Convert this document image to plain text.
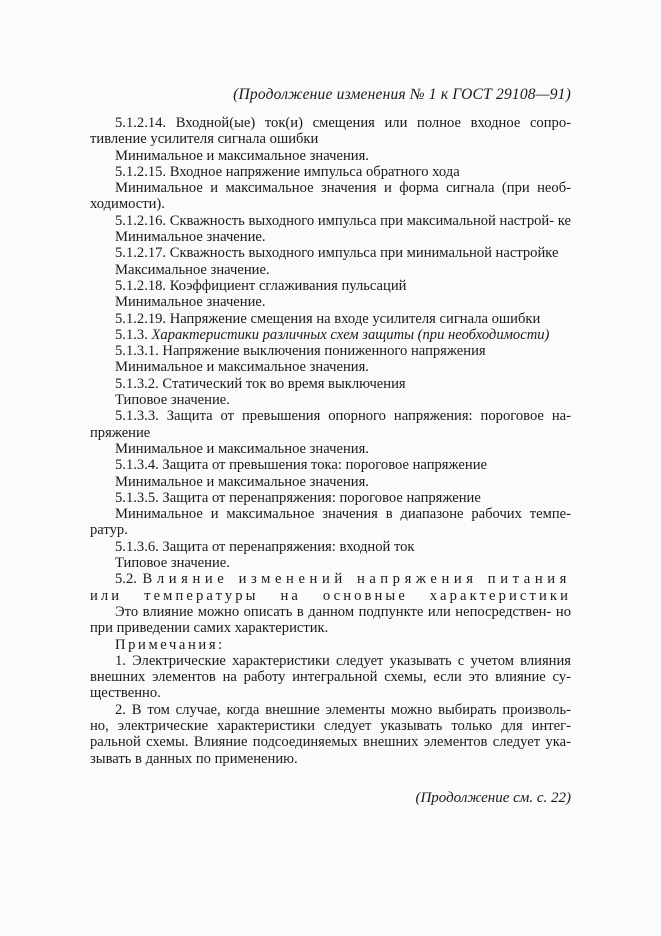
(Продолжение изменения № 1 к ГОСТ 29108—91)

5.1.2.14. Входной(ые) ток(и) смещения или полное входное сопро- тивление усилителя сигнала ошибки

Минимальное и максимальное значения.

5.1.2.15. Входное напряжение импульса обратного хода

Минимальное и максимальное значения и форма сигнала (при необ- ходимости).

5.1.2.16. Скважность выходного импульса при максимальной настрой- ке

Минимальное значение.

5.1.2.17. Скважность выходного импульса при минимальной настройке

Максимальное значение.

5.1.2.18. Коэффициент сглаживания пульсаций

Минимальное значение.

5.1.2.19. Напряжение смещения на входе усилителя сигнала ошибки

5.1.3. Характеристики различных схем защиты (при необходимости)

5.1.3.1. Напряжение выключения пониженного напряжения

Минимальное и максимальное значения.

5.1.3.2. Статический ток во время выключения

Типовое значение.

5.1.3.3. Защита от превышения опорного напряжения: пороговое на- пряжение

Минимальное и максимальное значения.

5.1.3.4. Защита от превышения тока: пороговое напряжение

Минимальное и максимальное значения.

5.1.3.5. Защита от перенапряжения: пороговое напряжение

Минимальное и максимальное значения в диапазоне рабочих темпе- ратур.

5.1.3.6. Защита от перенапряжения: входной ток

Типовое значение.

5.2. Влияние изменений напряжения питания

или температуры на основные характеристики

Это влияние можно описать в данном подпункте или непосредствен- но при приведении самих характеристик.

Примечания:

1. Электрические характеристики следует указывать с учетом влияния внешних элементов на работу интегральной схемы, если это влияние су- щественно.

2. В том случае, когда внешние элементы можно выбирать произволь- но, электрические характеристики следует указывать только для интег- ральной схемы. Влияние подсоединяемых внешних элементов следует ука- зывать в данных по применению.

(Продолжение см. с. 22)
